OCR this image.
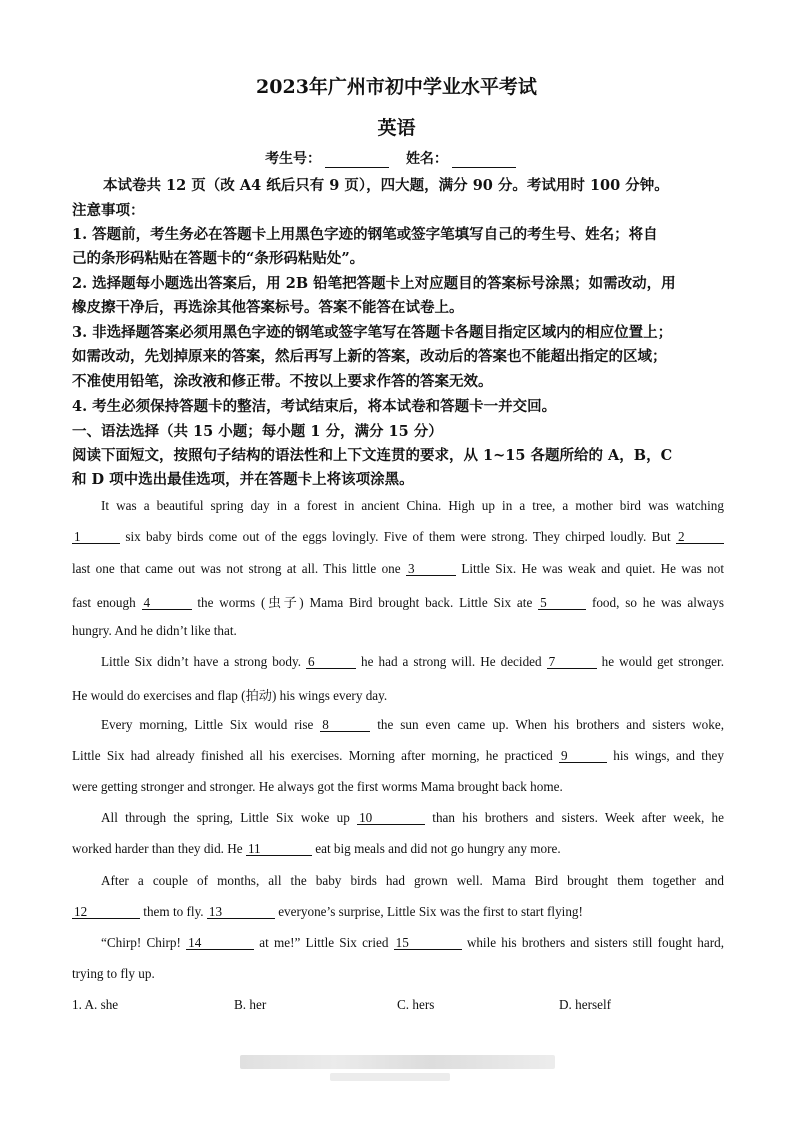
2023年广州市初中学业水平考试
英语
考生号：	姓名：
本试卷共 12 页（改 A4 纸后只有 9 页），四大题，满分 90 分。考试用时 100 分钟。
注意事项：
1. 答题前，考生务必在答题卡上用黑色字迹的钢笔或签字笔填写自己的考生号、姓名；将自
己的条形码粘贴在答题卡的“条形码粘贴处”。
2. 选择题每小题选出答案后，用 2B 铅笔把答题卡上对应题目的答案标号涂黑；如需改动，用
橡皮擦干净后，再选涂其他答案标号。答案不能答在试卷上。
3. 非选择题答案必须用黑色字迹的钢笔或签字笔写在答题卡各题目指定区域内的相应位置上；
如需改动，先划掉原来的答案，然后再写上新的答案，改动后的答案也不能超出指定的区域；
不准使用铅笔，涂改液和修正带。不按以上要求作答的答案无效。
4. 考生必须保持答题卡的整洁，考试结束后，将本试卷和答题卡一并交回。
一、语法选择（共 15 小题；每小题 1 分，满分 15 分）
阅读下面短文，按照句子结构的语法性和上下文连贯的要求，从 1~15 各题所给的 A，B，C
和 D 项中选出最佳选项，并在答题卡上将该项涂黑。
It was a beautiful spring day in a forest in ancient China. High up in a tree, a mother bird was watching
1	six baby birds come out of the eggs lovingly. Five of them were strong. They chirped loudly. But 2
last one that came out was not strong at all. This little one 3	Little Six. He was weak and quiet. He was not
fast enough 4	the worms (虫子) Mama Bird brought back. Little Six ate 5	food, so he was always
hungry. And he didn’t like that.
Little Six didn’t have a strong body. 6	he had a strong will. He decided 7	he would get stronger.
He would do exercises and flap (拍动) his wings every day.
Every morning, Little Six would rise 8	the sun even came up. When his brothers and sisters woke,
Little Six had already finished all his exercises. Morning after morning, he practiced 9	his wings, and they
were getting stronger and stronger. He always got the first worms Mama brought back home.
All through the spring, Little Six woke up 10	than his brothers and sisters. Week after week, he
worked harder than they did. He 11	eat big meals and did not go hungry any more.
After a couple of months, all the baby birds had grown well. Mama Bird brought them together and
12	them to fly. 13	everyone’s surprise, Little Six was the first to start flying!
“Chirp! Chirp! 14	at me!” Little Six cried 15	while his brothers and sisters still fought hard,
trying to fly up.
1. A. she	B. her	C. hers	D. herself
